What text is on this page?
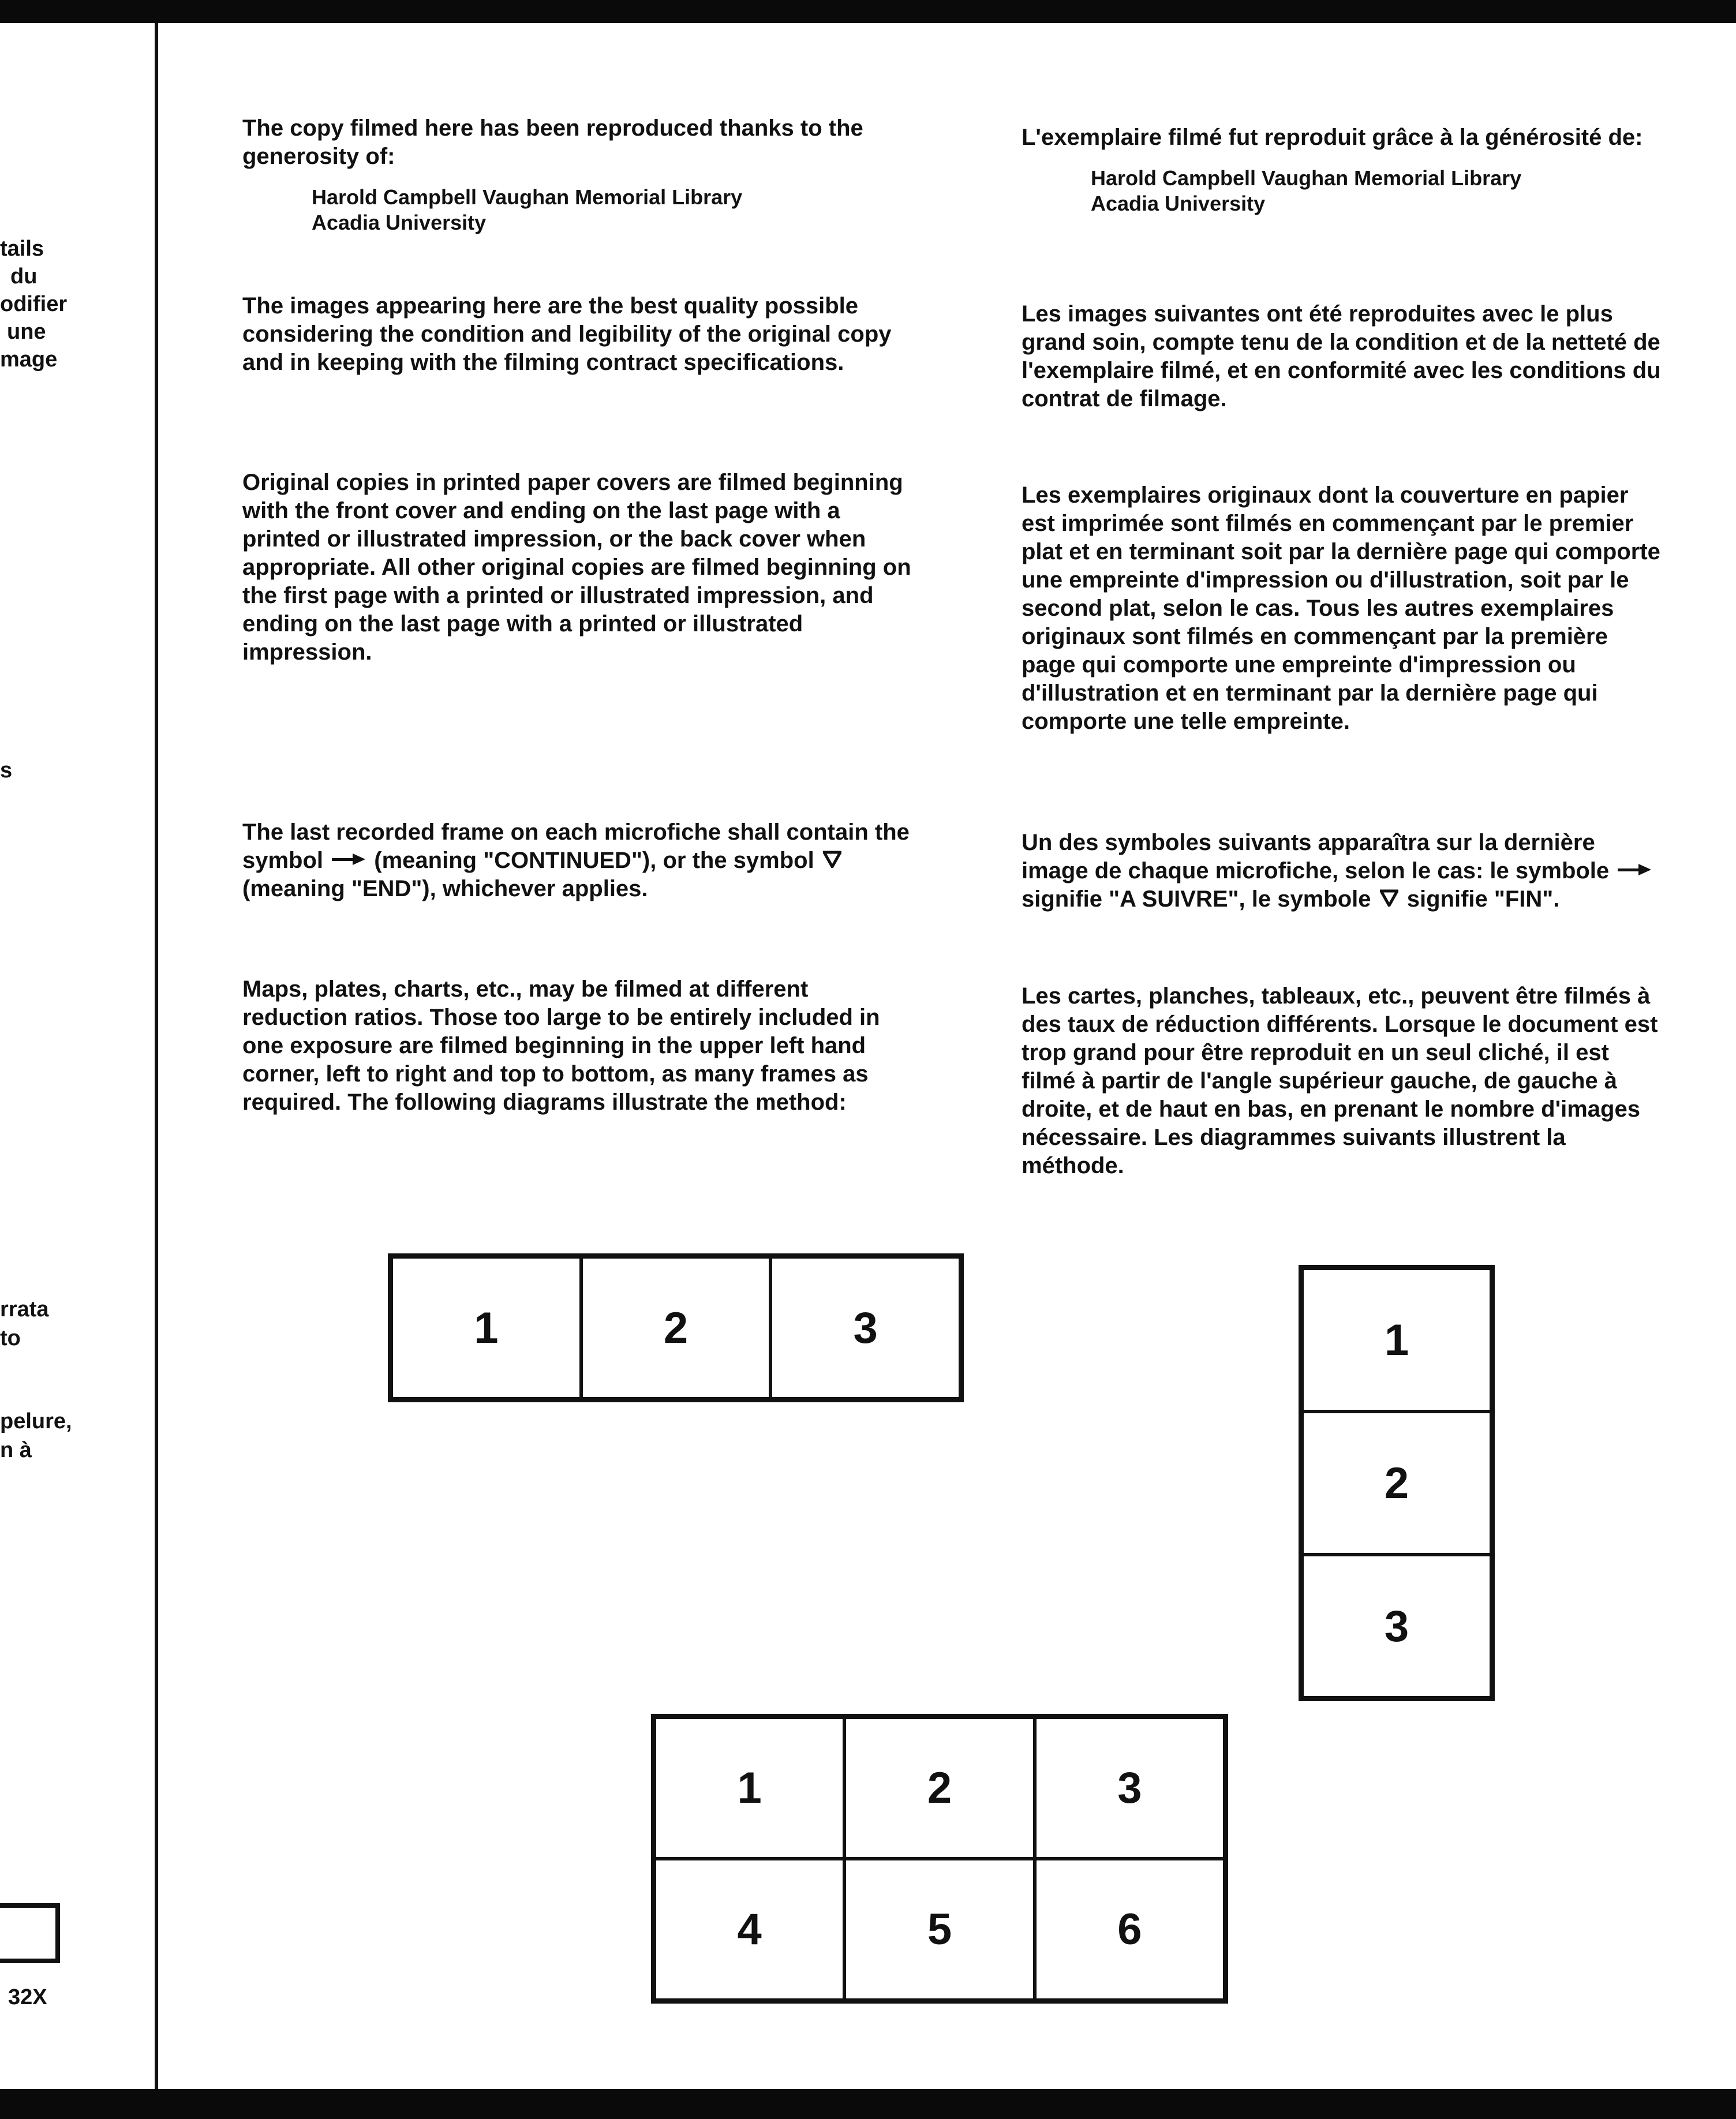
tails
du
odifier
une
mage
s
rrata
to
pelure,
n à

The copy filmed here has been reproduced thanks to the generosity of:

Harold Campbell Vaughan Memorial Library

Acadia University

The images appearing here are the best quality possible considering the condition and legibility of the original copy and in keeping with the filming contract specifications.
Original copies in printed paper covers are filmed beginning with the front cover and ending on the last page with a printed or illustrated impression, or the back cover when appropriate. All other original copies are filmed beginning on the first page with a printed or illustrated impression, and ending on the last page with a printed or illustrated impression.
The last recorded frame on each microfiche shall contain the symbol (meaning "CONTINUED"), or the symbol
(meaning "END"), whichever applies.
Maps, plates, charts, etc., may be filmed at different reduction ratios. Those too large to be entirely included in one exposure are filmed beginning in the upper left hand corner, left to right and top to bottom, as many frames as required. The following diagrams illustrate the method:

L'exemplaire filmé fut reproduit grâce à la générosité de:

Harold Campbell Vaughan Memorial Library

Acadia University

Les images suivantes ont été reproduites avec le plus grand soin, compte tenu de la condition et de la netteté de l'exemplaire filmé, et en conformité avec les conditions du contrat de filmage.
Les exemplaires originaux dont la couverture en papier est imprimée sont filmés en commençant par le premier plat et en terminant soit par la dernière page qui comporte une empreinte d'impression ou d'illustration, soit par le second plat, selon le cas. Tous les autres exemplaires originaux sont filmés en commençant par la première page qui comporte une empreinte d'impression ou d'illustration et en terminant par la dernière page qui comporte une telle empreinte.
Un des symboles suivants apparaîtra sur la dernière image de chaque microfiche, selon le cas: le symbole
signifie "A SUIVRE", le symbole signifie "FIN".
Les cartes, planches, tableaux, etc., peuvent être filmés à des taux de réduction différents. Lorsque le document est trop grand pour être reproduit en un seul cliché, il est filmé à partir de l'angle supérieur gauche, de gauche à droite, et de haut en bas, en prenant le nombre d'images nécessaire. Les diagrammes suivants illustrent la méthode.
1	2	3	1
2
3
1	2	3
4	5	6
32X
